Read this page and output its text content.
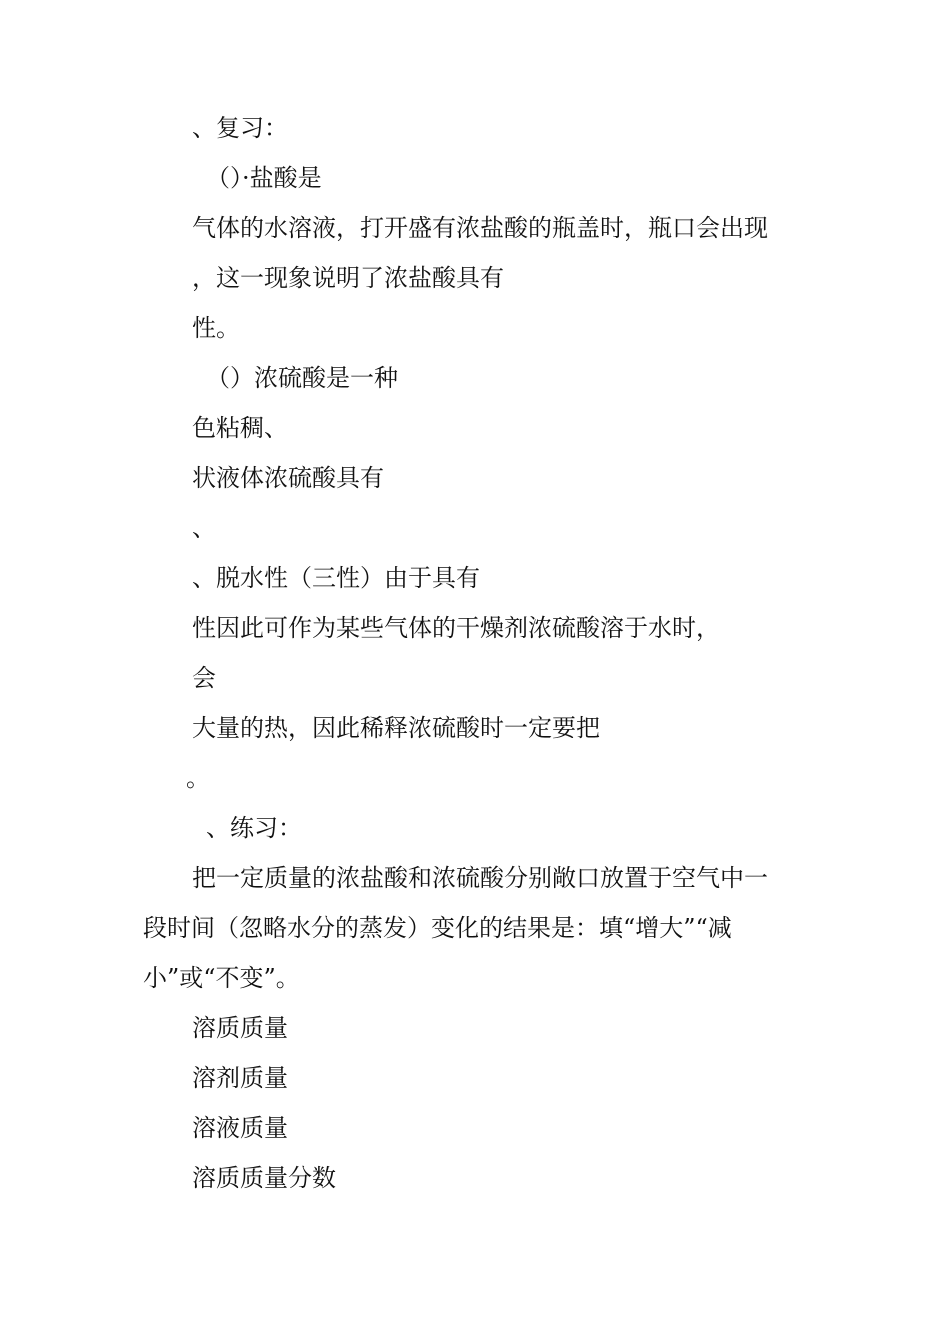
、复习：

（）·盐酸是

气体的水溶液，打开盛有浓盐酸的瓶盖时，瓶口会出现

，这一现象说明了浓盐酸具有

性。

（）浓硫酸是一种

色粘稠、

状液体浓硫酸具有

、

、脱水性（三性）由于具有

性因此可作为某些气体的干燥剂浓硫酸溶于水时，

会

大量的热，因此稀释浓硫酸时一定要把

。

、练习：

把一定质量的浓盐酸和浓硫酸分别敞口放置于空气中一

段时间（忽略水分的蒸发）变化的结果是：填“增大”“减

小”或“不变”。

溶质质量

溶剂质量

溶液质量

溶质质量分数
